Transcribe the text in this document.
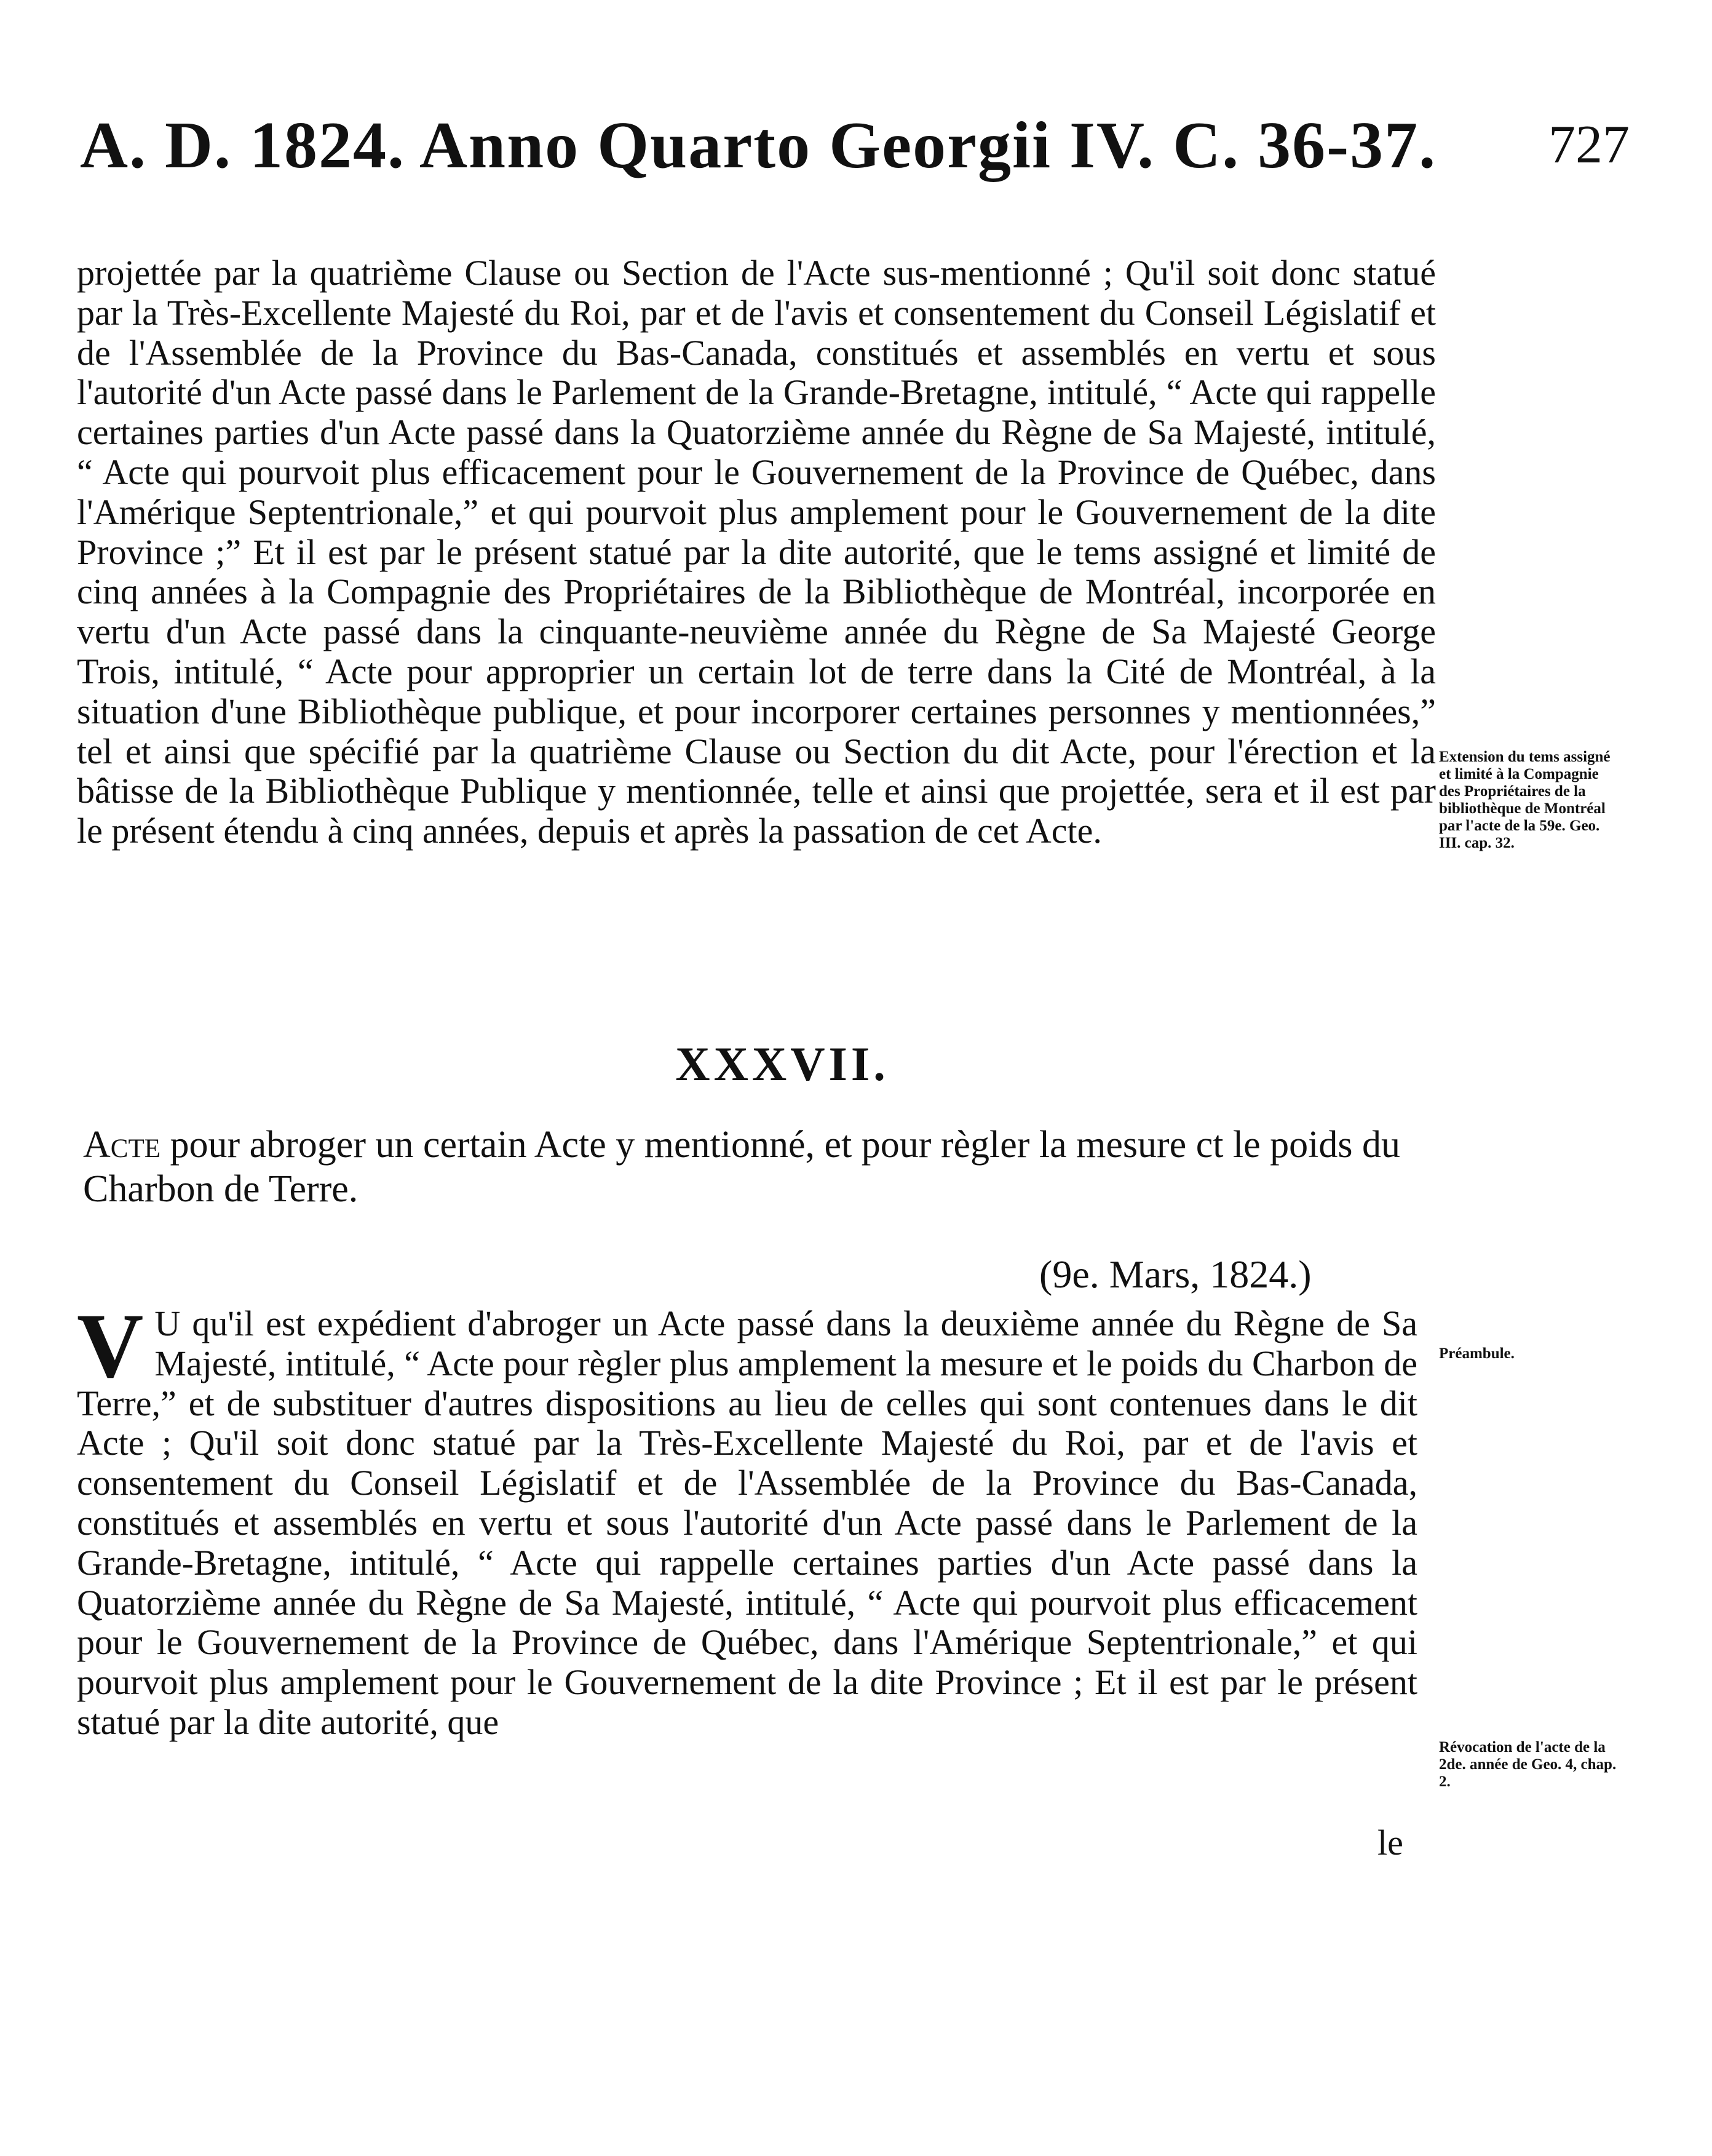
A. D. 1824. Anno Quarto Georgii IV. C. 36-37. 727
projettée par la quatrième Clause ou Section de l'Acte sus-mentionné ; Qu'il soit donc statué par la Très-Excellente Majesté du Roi, par et de l'avis et consentement du Conseil Législatif et de l'Assemblée de la Province du Bas-Canada, constitués et assemblés en vertu et sous l'autorité d'un Acte passé dans le Parlement de la Grande-Bretagne, intitulé, “ Acte qui rappelle certaines parties d'un Acte passé dans la Quatorzième année du Règne de Sa Majesté, intitulé, “ Acte qui pourvoit plus efficacement pour le Gouvernement de la Province de Québec, dans l'Amérique Septentrionale,” et qui pourvoit plus amplement pour le Gouvernement de la dite Province ;” Et il est par le présent statué par la dite autorité, que le tems assigné et limité de cinq années à la Compagnie des Propriétaires de la Bibliothèque de Montréal, incorporée en vertu d'un Acte passé dans la cinquante-neuvième année du Règne de Sa Majesté George Trois, intitulé, “ Acte pour approprier un certain lot de terre dans la Cité de Montréal, à la situation d'une Bibliothèque publique, et pour incorporer certaines personnes y mentionnées,” tel et ainsi que spécifié par la quatrième Clause ou Section du dit Acte, pour l'érection et la bâtisse de la Bibliothèque Publique y mentionnée, telle et ainsi que projettée, sera et il est par le présent étendu à cinq années, depuis et après la passation de cet Acte.
Extension du tems assigné et limité à la Compagnie des Propriétaires de la bibliothèque de Montréal par l'acte de la 59e. Geo. III. cap. 32.
XXXVII.
Acte pour abroger un certain Acte y mentionné, et pour règler la mesure ct le poids du Charbon de Terre.
(9e. Mars, 1824.)
V U qu'il est expédient d'abroger un Acte passé dans la deuxième année du Règne de Sa Majesté, intitulé, “ Acte pour règler plus amplement la mesure et le poids du Charbon de Terre,” et de substituer d'autres dispositions au lieu de celles qui sont contenues dans le dit Acte ; Qu'il soit donc statué par la Très-Excellente Majesté du Roi, par et de l'avis et consentement du Conseil Législatif et de l'Assemblée de la Province du Bas-Canada, constitués et assemblés en vertu et sous l'autorité d'un Acte passé dans le Parlement de la Grande-Bretagne, intitulé, “ Acte qui rappelle certaines parties d'un Acte passé dans la Quatorzième année du Règne de Sa Majesté, intitulé, “ Acte qui pourvoit plus efficacement pour le Gouvernement de la Province de Québec, dans l'Amérique Septentrionale,” et qui pourvoit plus amplement pour le Gouvernement de la dite Province ; Et il est par le présent statué par la dite autorité, que
Préambule.
Révocation de l'acte de la 2de. année de Geo. 4, chap. 2.
le
